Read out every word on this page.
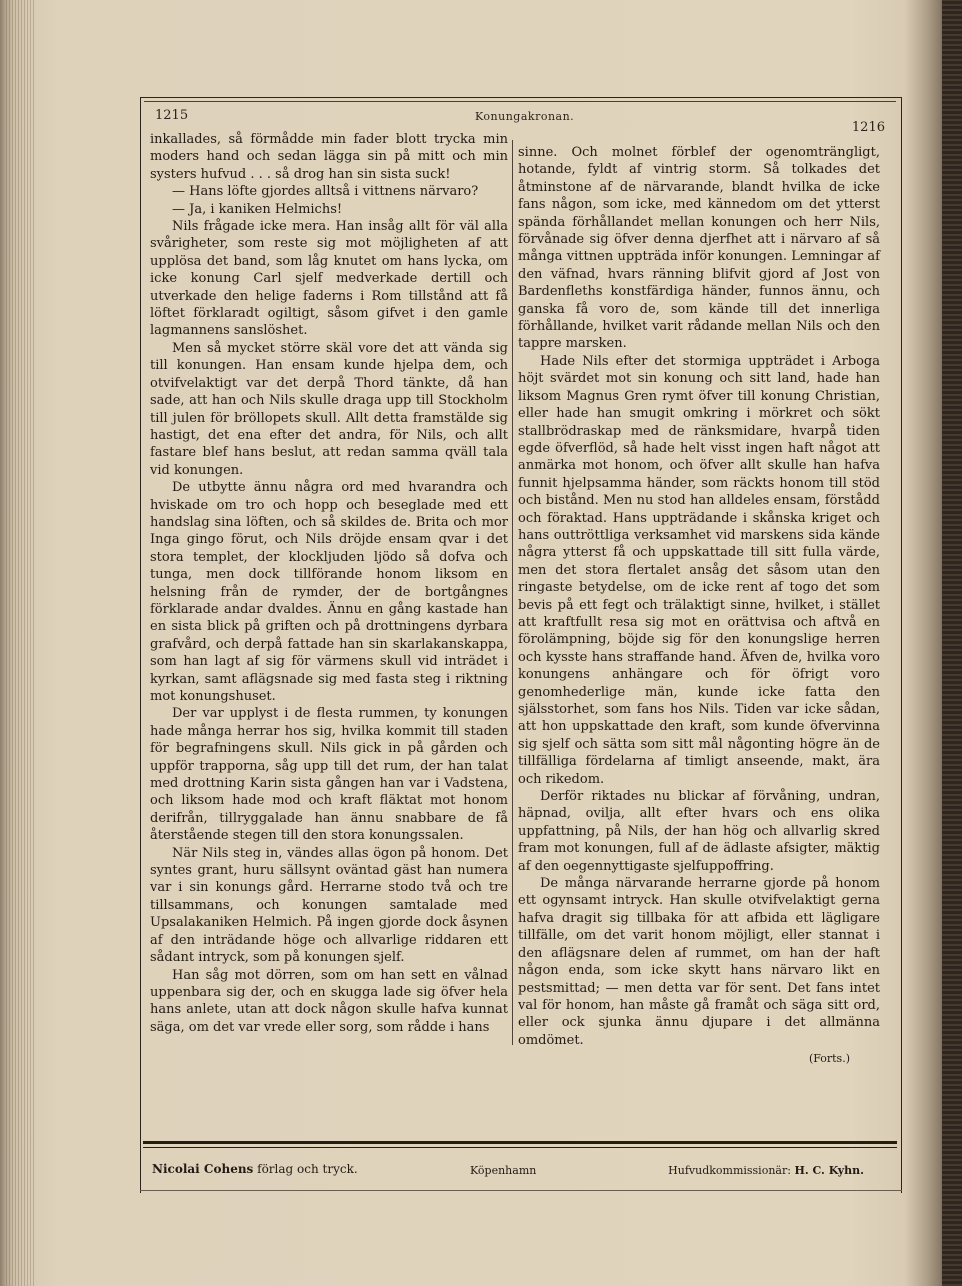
1215	Konungakronan.
1216

inkallades, så förmådde min fader blott trycka min moders hand och sedan lägga sin på mitt och min systers hufvud . . . så drog han sin sista suck!

— Hans löfte gjordes alltså i vittnens närvaro?

— Ja, i kaniken Helmichs!

Nils frågade icke mera. Han insåg allt för väl alla svårigheter, som reste sig mot möjligheten af att upplösa det band, som låg knutet om hans lycka, om icke konung Carl sjelf medverkade dertill och utverkade den helige faderns i Rom tillstånd att få löftet förklaradt ogiltigt, såsom gifvet i den gamle lagmannens sanslöshet.

Men så mycket större skäl vore det att vända sig till konungen. Han ensam kunde hjelpa dem, och otvifvelaktigt var det derpå Thord tänkte, då han sade, att han och Nils skulle draga upp till Stockholm till julen för bröllopets skull. Allt detta framstälde sig hastigt, det ena efter det andra, för Nils, och allt fastare blef hans beslut, att redan samma qväll tala vid konungen.

De utbytte ännu några ord med hvarandra och hviskade om tro och hopp och beseglade med ett handslag sina löften, och så skildes de. Brita och mor Inga gingo förut, och Nils dröjde ensam qvar i det stora templet, der klockljuden ljödo så dofva och tunga, men dock tillförande honom liksom en helsning från de rymder, der de bortgångnes förklarade andar dvaldes. Ännu en gång kastade han en sista blick på griften och på drottningens dyrbara grafvård, och derpå fattade han sin skarlakanskappa, som han lagt af sig för värmens skull vid inträdet i kyrkan, samt aflägsnade sig med fasta steg i riktning mot konungshuset.

Der var upplyst i de flesta rummen, ty konungen hade många herrar hos sig, hvilka kommit till staden för begrafningens skull. Nils gick in på gården och uppför trapporna, såg upp till det rum, der han talat med drottning Karin sista gången han var i Vadstena, och liksom hade mod och kraft fläktat mot honom derifrån, tillryggalade han ännu snabbare de få återstående stegen till den stora konungssalen.

När Nils steg in, vändes allas ögon på honom. Det syntes grant, huru sällsynt oväntad gäst han numera var i sin konungs gård. Herrarne stodo två och tre tillsammans, och konungen samtalade med Upsalakaniken Helmich. På ingen gjorde dock åsynen af den inträdande höge och allvarlige riddaren ett sådant intryck, som på konungen sjelf.

Han såg mot dörren, som om han sett en vålnad uppenbara sig der, och en skugga lade sig öfver hela hans anlete, utan att dock någon skulle hafva kunnat säga, om det var vrede eller sorg, som rådde i hans

sinne. Och molnet förblef der ogenomträngligt, hotande, fyldt af vintrig storm. Så tolkades det åtminstone af de närvarande, blandt hvilka de icke fans någon, som icke, med kännedom om det ytterst spända förhållandet mellan konungen och herr Nils, förvånade sig öfver denna djerfhet att i närvaro af så många vittnen uppträda inför konungen. Lemningar af den väfnad, hvars ränning blifvit gjord af Jost von Bardenfleths konstfärdiga händer, funnos ännu, och ganska få voro de, som kände till det innerliga förhållande, hvilket varit rådande mellan Nils och den tappre marsken.

Hade Nils efter det stormiga uppträdet i Arboga höjt svärdet mot sin konung och sitt land, hade han liksom Magnus Gren rymt öfver till konung Christian, eller hade han smugit omkring i mörkret och sökt stallbrödraskap med de ränksmidare, hvarpå tiden egde öfverflöd, så hade helt visst ingen haft något att anmärka mot honom, och öfver allt skulle han hafva funnit hjelpsamma händer, som räckts honom till stöd och bistånd. Men nu stod han alldeles ensam, förstådd och föraktad. Hans uppträdande i skånska kriget och hans outtröttliga verksamhet vid marskens sida kände några ytterst få och uppskattade till sitt fulla värde, men det stora flertalet ansåg det såsom utan den ringaste betydelse, om de icke rent af togo det som bevis på ett fegt och trälaktigt sinne, hvilket, i stället att kraftfullt resa sig mot en orättvisa och aftvå en förolämpning, böjde sig för den konungslige herren och kysste hans straffande hand. Äfven de, hvilka voro konungens anhängare och för öfrigt voro genomhederlige män, kunde icke fatta den själsstorhet, som fans hos Nils. Tiden var icke sådan, att hon uppskattade den kraft, som kunde öfvervinna sig sjelf och sätta som sitt mål någonting högre än de tillfälliga fördelarna af timligt anseende, makt, ära och rikedom.

Derför riktades nu blickar af förvåning, undran, häpnad, ovilja, allt efter hvars och ens olika uppfattning, på Nils, der han hög och allvarlig skred fram mot konungen, full af de ädlaste afsigter, mäktig af den oegennyttigaste sjelfuppoffring.

De många närvarande herrarne gjorde på honom ett ogynsamt intryck. Han skulle otvifvelaktigt gerna hafva dragit sig tillbaka för att afbida ett lägligare tillfälle, om det varit honom möjligt, eller stannat i den aflägsnare delen af rummet, om han der haft någon enda, som icke skytt hans närvaro likt en pestsmittad; — men detta var för sent. Det fans intet val för honom, han måste gå framåt och säga sitt ord, eller ock sjunka ännu djupare i det allmänna omdömet.

(Forts.)
Nicolai Cohens förlag och tryck.	Köpenhamn	Hufvudkommissionär: H. C. Kyhn.
